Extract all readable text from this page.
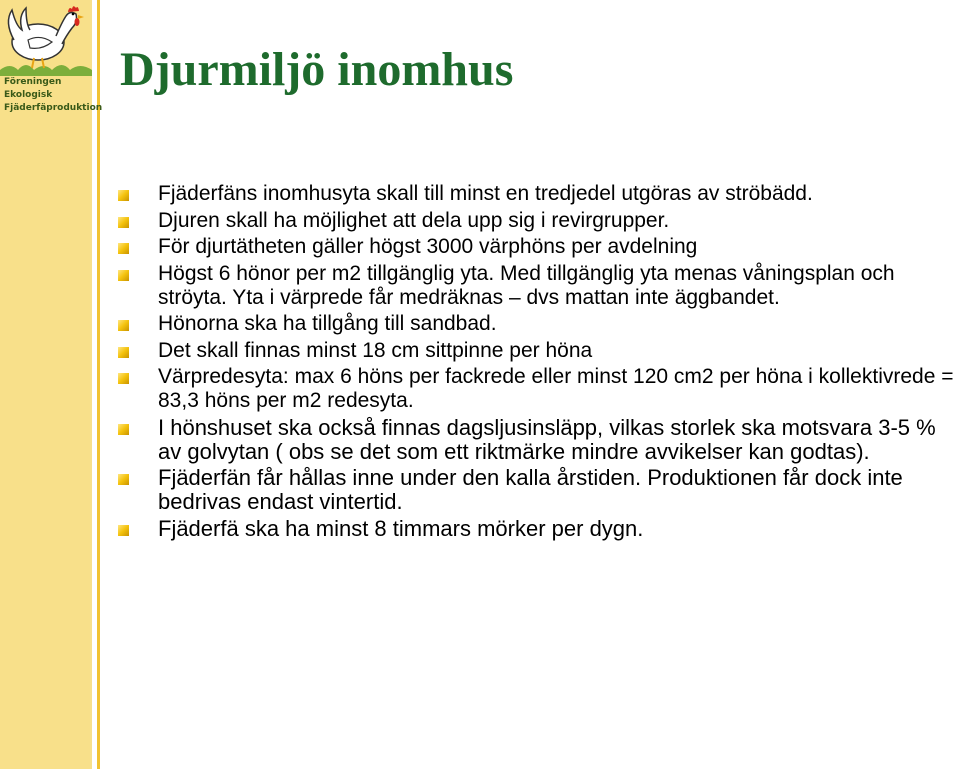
Föreningen
Ekologisk
Fjäderfäproduktion
Djurmiljö inomhus
Fjäderfäns inomhusyta skall till minst en tredjedel utgöras av ströbädd.
Djuren skall ha möjlighet att dela upp sig i revirgrupper.
För djurtätheten gäller högst 3000 värphöns per avdelning
Högst 6 hönor per m2 tillgänglig yta. Med tillgänglig yta menas våningsplan och ströyta. Yta i värprede får medräknas – dvs mattan inte äggbandet.
Hönorna ska ha tillgång till sandbad.
Det skall finnas minst 18 cm sittpinne per höna
Värpredesyta: max 6 höns per fackrede eller minst 120 cm2 per höna i kollektivrede = 83,3 höns per m2 redesyta.
I hönshuset ska också finnas dagsljusinsläpp, vilkas storlek ska motsvara 3-5 % av golvytan ( obs se det som ett riktmärke mindre avvikelser kan godtas).
Fjäderfän får hållas inne under den kalla årstiden. Produktionen får dock inte bedrivas endast vintertid.
Fjäderfä ska ha minst 8 timmars mörker per dygn.
